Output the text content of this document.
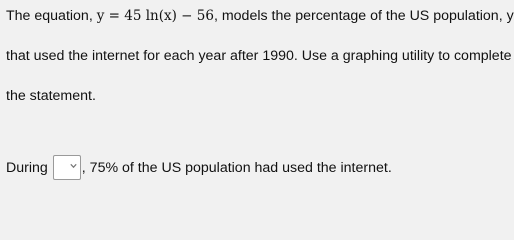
The equation, y = 45 ln(x) − 56, models the percentage of the US population, y
that used the internet for each year after 1990. Use a graphing utility to complete
the statement.
During , 75% of the US population had used the internet.
